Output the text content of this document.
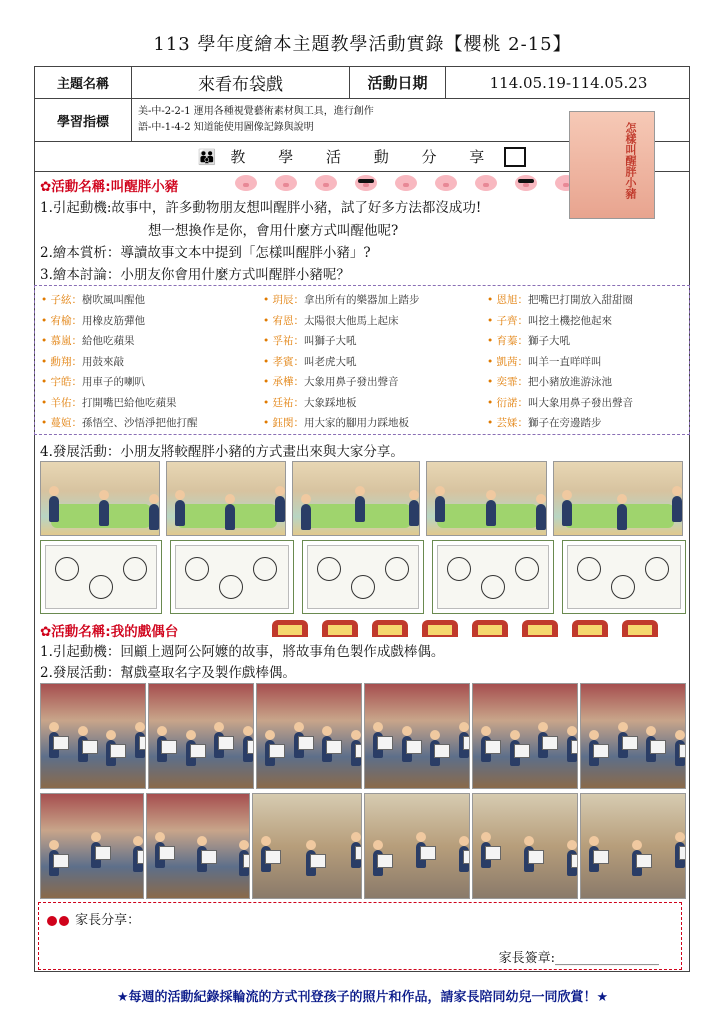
113 學年度繪本主題教學活動實錄【櫻桃 2-15】
主題名稱	來看布袋戲	活動日期	114.05.19-114.05.23
學習指標
美-中-2-2-1 運用各種視覺藝術素材與工具，進行創作
語-中-1-4-2 知道能使用圖像記錄與說明
👪 教 學 活 動 分 享
✿活動名稱:叫醒胖小豬
1.引起動機:故事中，許多動物朋友想叫醒胖小豬，試了好多方法都沒成功!
想一想換作是你，會用什麼方式叫醒他呢?
2.繪本賞析：導讀故事文本中提到「怎樣叫醒胖小豬」?
3.繪本討論：小朋友你會用什麼方式叫醒胖小豬呢？
怎樣叫醒胖小豬
• 子絃：樹吹風叫醒他
• 宥榆：用橡皮筋彈他
• 慕嵐：給他吃蘋果
• 勳翔：用鼓來敲
• 宇皓：用車子的喇叭
• 羊佑：打開嘴巴給他吃蘋果
• 蔓媗：孫悟空、沙悟淨把他打醒
• 玥辰：拿出所有的樂器加上踏步
• 宥恩：太陽很大他馬上起床
• 孚祐：叫獅子大吼
• 孝賓：叫老虎大吼
• 承樺：大象用鼻子發出聲音
• 廷祐：大象踩地板
• 鈺閔：用大家的腳用力踩地板
• 恩旭：把嘴巴打開放入甜甜圈
• 子齊：叫挖土機挖他起來
• 育蓁：獅子大吼
• 凱茜：叫羊一直咩咩叫
• 奕霏：把小豬放進游泳池
• 衍諾：叫大象用鼻子發出聲音
• 芸媃：獅子在旁邊踏步
4.發展活動：小朋友將較醒胖小豬的方式畫出來與大家分享。
✿活動名稱:我的戲偶台
1.引起動機：回顧上週阿公阿嬤的故事，將故事角色製作成戲棒偶。
2.發展活動：幫戲臺取名字及製作戲棒偶。
家長分享：
家長簽章:________________
★每週的活動紀錄採輪流的方式刊登孩子的照片和作品，請家長陪同幼兒一同欣賞！★
